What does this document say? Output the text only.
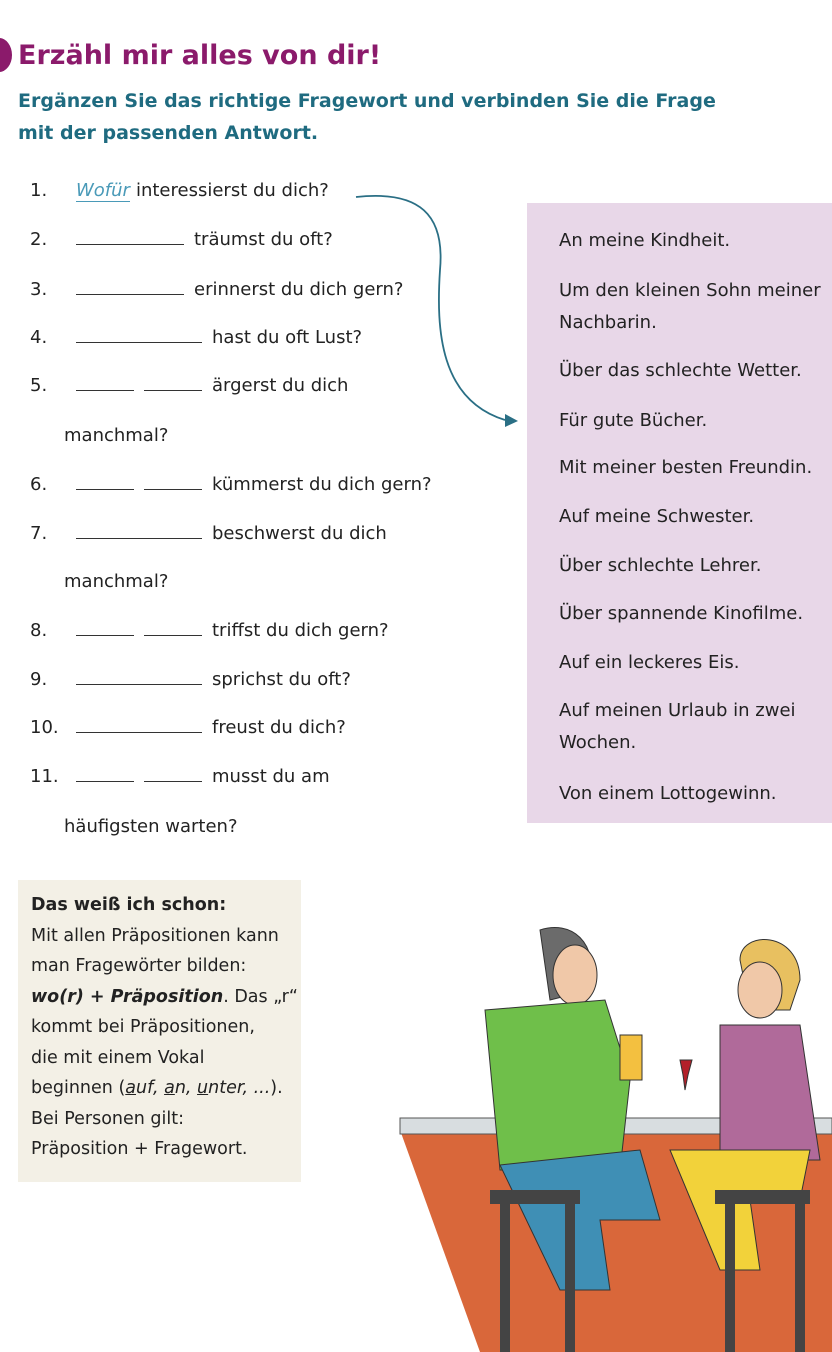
Erzähl mir alles von dir!
Ergänzen Sie das richtige Fragewort und verbinden Sie die Frage
mit der passenden Antwort.
1. Wofür interessierst du dich?
2.	träumst du oft?
3.	erinnerst du dich gern?
4.	hast du oft Lust?
5.	ärgerst du dich
manchmal?
6.	kümmerst du dich gern?
7.	beschwerst du dich
manchmal?
8.	triffst du dich gern?
9.	sprichst du oft?
10.	freust du dich?
11.	musst du am
häufigsten warten?
An meine Kindheit.
Um den kleinen Sohn meiner
Nachbarin.
Über das schlechte Wetter.
Für gute Bücher.
Mit meiner besten Freundin.
Auf meine Schwester.
Über schlechte Lehrer.
Über spannende Kinofilme.
Auf ein leckeres Eis.
Auf meinen Urlaub in zwei
Wochen.
Von einem Lottogewinn.

Das weiß ich schon:
Mit allen Präpositionen kann
man Fragewörter bilden:
wo(r) + Präposition. Das „r“
kommt bei Präpositionen,
die mit einem Vokal
beginnen (auf, an, unter, ...).
Bei Personen gilt:
Präposition + Fragewort.
